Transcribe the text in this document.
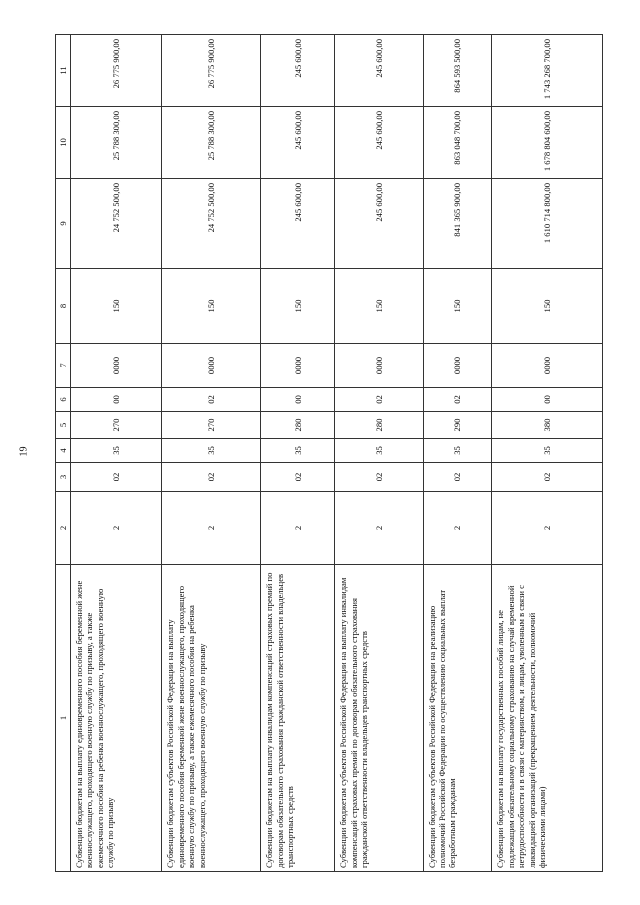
19
1	2	3	4	5	6	7	8	9	10	11
Субвенции бюджетам на выплату единовременного пособия беременной жене военнослужащего, проходящего военную службу по призыву, а также ежемесячного пособия на ребенка военнослужащего, проходящего военную службу по призыву	2	02	35	270	00	0000	150	24 752 500,00	25 788 300,00	26 775 900,00
Субвенции бюджетам субъектов Российской Федерации на выплату единовременного пособия беременной жене военнослужащего, проходящего военную службу по призыву, а также ежемесячного пособия на ребенка военнослужащего, проходящего военную службу по призыву	2	02	35	270	02	0000	150	24 752 500,00	25 788 300,00	26 775 900,00
Субвенции бюджетам на выплату инвалидам компенсаций страховых премий по договорам обязательного страхования гражданской ответственности владельцев транспортных средств	2	02	35	280	00	0000	150	245 600,00	245 600,00	245 600,00
Субвенции бюджетам субъектов Российской Федерации на выплату инвалидам компенсаций страховых премий по договорам обязательного страхования гражданской ответственности владельцев транспортных средств	2	02	35	280	02	0000	150	245 600,00	245 600,00	245 600,00
Субвенции бюджетам субъектов Российской Федерации на реализацию полномочий Российской Федерации по осуществлению социальных выплат безработным гражданам	2	02	35	290	02	0000	150	841 365 900,00	863 048 700,00	864 593 500,00
Субвенции бюджетам на выплату государственных пособий лицам, не подлежащим обязательному социальному страхованию на случай временной нетрудоспособности и в связи с материнством, и лицам, уволенным в связи с ликвидацией организаций (прекращением деятельности, полномочий физическими лицами)	2	02	35	380	00	0000	150	1 610 714 800,00	1 678 804 600,00	1 743 268 700,00
